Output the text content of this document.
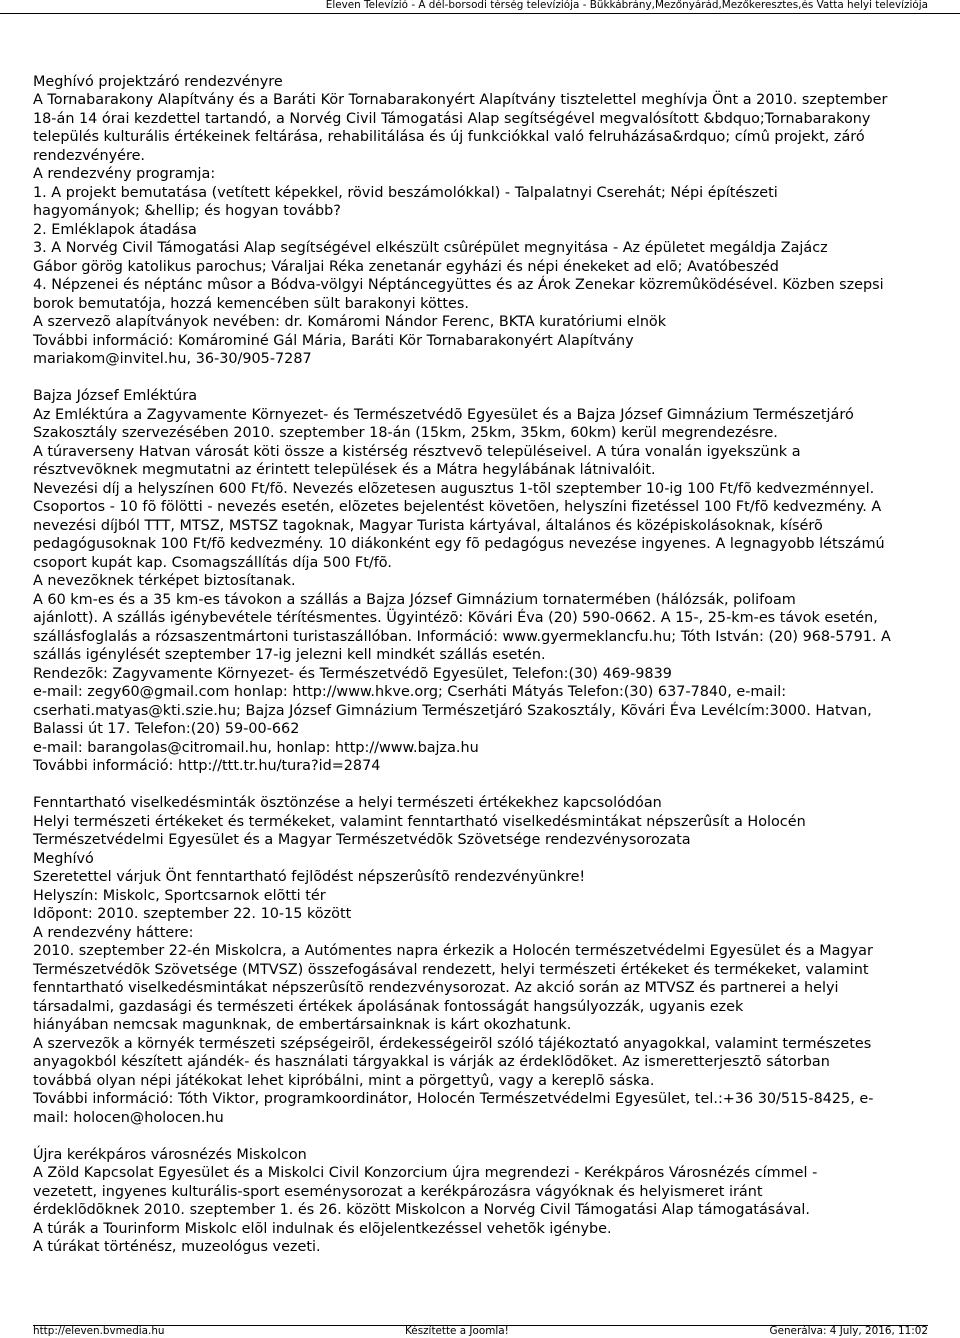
Eleven Televízió - A dél-borsodi térség televíziója - Bükkábrány,Mezőnyárád,Mezőkeresztes,és Vatta helyi televíziója
Meghívó projektzáró rendezvényre
A Tornabarakony Alapítvány és a Baráti Kör Tornabarakonyért Alapítvány tisztelettel meghívja Önt a 2010. szeptember
18-án 14 órai kezdettel tartandó, a Norvég Civil Támogatási Alap segítségével megvalósított &bdquo;Tornabarakony
település kulturális értékeinek feltárása, rehabilitálása és új funkciókkal való felruházása&rdquo; címû projekt, záró
rendezvényére.
A rendezvény programja:
1. A projekt bemutatása (vetített képekkel, rövid beszámolókkal) - Talpalatnyi Cserehát; Népi építészeti
hagyományok; &hellip; és hogyan tovább?
2. Emléklapok átadása
3. A Norvég Civil Támogatási Alap segítségével elkészült csûrépület megnyitása - Az épületet megáldja Zajácz
Gábor görög katolikus parochus; Váraljai Réka zenetanár egyházi és népi énekeket ad elõ; Avatóbeszéd
4. Népzenei és néptánc mûsor a Bódva-völgyi Néptáncegyüttes és az Árok Zenekar közremûködésével. Közben szepsi
borok bemutatója, hozzá kemencében sült barakonyi köttes.
A szervezõ alapítványok nevében: dr. Komáromi Nándor Ferenc, BKTA kuratóriumi elnök
További információ: Komárominé Gál Mária, Baráti Kör Tornabarakonyért Alapítvány
mariakom@invitel.hu, 36-30/905-7287
Bajza József Emléktúra
Az Emléktúra a Zagyvamente Környezet- és Természetvédõ Egyesület és a Bajza József Gimnázium Természetjáró
Szakosztály szervezésében 2010. szeptember 18-án (15km, 25km, 35km, 60km) kerül megrendezésre.
A túraverseny Hatvan városát köti össze a kistérség résztvevõ településeivel. A túra vonalán igyekszünk a
résztvevõknek megmutatni az érintett települések és a Mátra hegylábának látnivalóit.
Nevezési díj a helyszínen 600 Ft/fõ. Nevezés elõzetesen augusztus 1-tõl szeptember 10-ig 100 Ft/fõ kedvezménnyel.
Csoportos - 10 fõ fölötti - nevezés esetén, elõzetes bejelentést követõen, helyszíni fizetéssel 100 Ft/fõ kedvezmény. A
nevezési díjból TTT, MTSZ, MSTSZ tagoknak, Magyar Turista kártyával, általános és középiskolásoknak, kísérõ
pedagógusoknak 100 Ft/fõ kedvezmény. 10 diákonként egy fõ pedagógus nevezése ingyenes. A legnagyobb létszámú
csoport kupát kap. Csomagszállítás díja 500 Ft/fõ.
A nevezõknek térképet biztosítanak.
A 60 km-es és a 35 km-es távokon a szállás a Bajza József Gimnázium tornatermében (hálózsák, polifoam
ajánlott). A szállás igénybevétele térítésmentes. Ügyintézõ: Kõvári Éva (20) 590-0662. A 15-, 25-km-es távok esetén,
szállásfoglalás a rózsaszentmártoni turistaszállóban. Információ: www.gyermeklancfu.hu; Tóth István: (20) 968-5791. A
szállás igénylését szeptember 17-ig jelezni kell mindkét szállás esetén.
Rendezõk: Zagyvamente Környezet- és Természetvédõ Egyesület, Telefon:(30) 469-9839
e-mail: zegy60@gmail.com honlap: http://www.hkve.org; Cserháti Mátyás Telefon:(30) 637-7840, e-mail:
cserhati.matyas@kti.szie.hu; Bajza József Gimnázium Természetjáró Szakosztály, Kõvári Éva Levélcím:3000. Hatvan,
Balassi út 17. Telefon:(20) 59-00-662
e-mail: barangolas@citromail.hu, honlap: http://www.bajza.hu
További információ: http://ttt.tr.hu/tura?id=2874
Fenntartható viselkedésminták ösztönzése a helyi természeti értékekhez kapcsolódóan
Helyi természeti értékeket és termékeket, valamint fenntartható viselkedésmintákat népszerûsít a Holocén
Természetvédelmi Egyesület és a Magyar Természetvédõk Szövetsége rendezvénysorozata
Meghívó
Szeretettel várjuk Önt fenntartható fejlõdést népszerûsítõ rendezvényünkre!
Helyszín: Miskolc, Sportcsarnok elõtti tér
Idõpont: 2010. szeptember 22. 10-15 között
A rendezvény háttere:
2010. szeptember 22-én Miskolcra, a Autómentes napra érkezik a Holocén természetvédelmi Egyesület és a Magyar
Természetvédõk Szövetsége (MTVSZ) összefogásával rendezett, helyi természeti értékeket és termékeket, valamint
fenntartható viselkedésmintákat népszerûsítõ rendezvénysorozat. Az akció során az MTVSZ és partnerei a helyi
társadalmi, gazdasági és természeti értékek ápolásának fontosságát hangsúlyozzák, ugyanis ezek
hiányában nemcsak magunknak, de embertársainknak is kárt okozhatunk.
A szervezõk a környék természeti szépségeirõl, érdekességeirõl szóló tájékoztató anyagokkal, valamint természetes
anyagokból készített ajándék- és használati tárgyakkal is várják az érdeklõdõket. Az ismeretterjesztõ sátorban
továbbá olyan népi játékokat lehet kipróbálni, mint a pörgettyû, vagy a kereplõ sáska.
További információ: Tóth Viktor, programkoordinátor, Holocén Természetvédelmi Egyesület, tel.:+36 30/515-8425, e-
mail: holocen@holocen.hu
Újra kerékpáros városnézés Miskolcon
A Zöld Kapcsolat Egyesület és a Miskolci Civil Konzorcium újra megrendezi - Kerékpáros Városnézés címmel -
vezetett, ingyenes kulturális-sport eseménysorozat a kerékpározásra vágyóknak és helyismeret iránt
érdeklõdõknek 2010. szeptember 1. és 26. között Miskolcon a Norvég Civil Támogatási Alap támogatásával.
A túrák a Tourinform Miskolc elõl indulnak és elõjelentkezéssel vehetõk igénybe.
A túrákat történész, muzeológus vezeti.
http://eleven.bvmedia.hu	Készítette a Joomla!	Generálva: 4 July, 2016, 11:02
